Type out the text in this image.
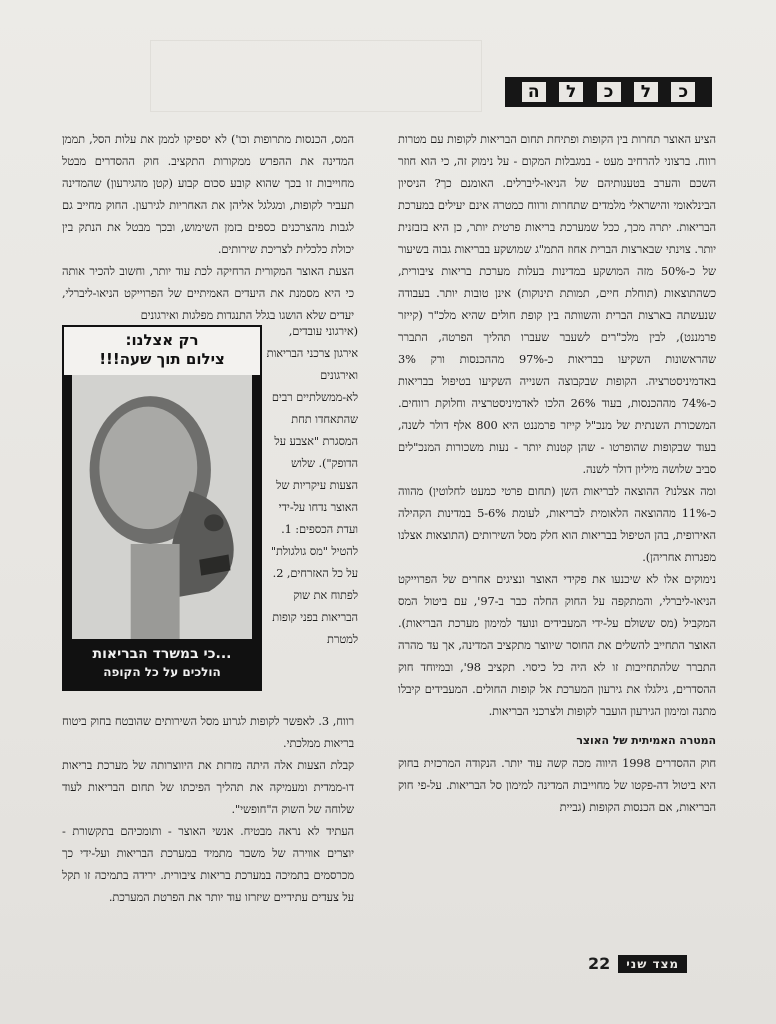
כ
ל
כ
ל
ה

הציע האוצר תחרות בין הקופות ופתיחת תחום הבריאות לקופות עם מטרות רווח. ברצוני להרחיב מעט - במגבלות המקום - על נימוק זה, כי הוא חוזר השכם והערב בטענותיהם של הניאו-ליברלים. האומנם כך? הניסיון הבינלאומי והישראלי מלמדים שתחרות ורווח כמטרה אינם יעילים במערכת הבריאות. יתרה מכך, ככל שמערכת בריאות פרטית יותר, כן היא בזבזנית יותר. צוינתי שבארצות הברית אחוז התמ"ג שמושקע בבריאות גבוה בשיעור של כ-50% מזה המושקע במדינות בעלות מערכת בריאות ציבורית, כשהתוצאות (תוחלת חיים, תמותת תינוקות) אינן טובות יותר. בעבודה שנעשתה בארצות הברית והשוותה בין קופת חולים שהיא מלכ"ר (קייזר פרמננט), לבין מלכ"רים לשעבר שעברו תהליך הפרטה, התברר שהראשונות השקיעו בבריאות כ-97% מההכנסות ורק 3% באדמיניסטרציה. הקופות שבקבוצה השנייה השקיעו בטיפול בבריאות כ-74% מההכנסות, בעוד 26% הלכו לאדמיניסטרציה וחלוקת רווחים. המשכורת השנתית של מנכ"ל קייזר פרמננט היא 800 אלף דולר לשנה, בעוד שבקופות שהופרטו - שהן קטנות יותר - נעות משכורות המנכ"לים סביב שלושה מיליון דולר לשנה.

ומה אצלנו? ההוצאה לבריאות השן (תחום פרטי כמעט לחלוטין) מהווה כ-11% מההוצאה הלאומית לבריאות, לעומת 5-6% במדינות הקהילה האירופית, בהן הטיפול בבריאות הוא חלק מסל השירותים (התוצאות אצלנו מפגרות אחריהן).

נימוקים אלו לא שיכנעו את פקידי האוצר ונציגים אחרים של הפרוייקט הניאו-ליברלי, והמתקפה על החוק החלה כבר ב-97', עם ביטול המס המקביל (מס ששולם על-ידי המעבידים ונועד למימון מערכת הבריאות). האוצר התחייב להשלים את החוסר שיווצר מתקציב המדינה, אך עד מהרה התברר שלהתחייבות זו לא היה כל כיסוי. תקציב 98', ובמיוחד חוק ההסדרים, גילגלו את גירעון המערכת אל קופות החולים. המעבידים קיבלו מתנה ומימון הגירעון הועבר לקופות ולצרכני הבריאות.

המטרה האמיתית של האוצר

חוק ההסדרים 1998 היווה מכה קשה עוד יותר. הנקודה המרכזית בחוק היא ביטול דה-פקטו של מחוייבות המדינה למימון סל הבריאות. על-פי חוק הבריאות, אם הכנסות הקופות (גביית

המס, הכנסות מתרופות וכו') לא יספיקו לממן את עלות הסל, תממן המדינה את ההפרש ממקורות התקציב. חוק ההסדרים מבטל מחוייבות זו בכך שהוא קובע סכום קבוע (קטן מהגירעון) שהמדינה תעביר לקופות, ומגלגל אליהן את האחריות לגירעון. החוק מחייב גם לגבות מהצרכנים כספים בזמן השימוש, ובכך מבטל את הנתק בין יכולת כלכלית לצריכת שירותים.

הצעת האוצר המקורית הרחיקה לכת עוד יותר, וחשוב להכיר אותה כי היא מסמנת את היעדים האמיתיים של הפרוייקט הניאו-ליברלי, יעדים שלא הושגו בגלל התנגדות מפלגות ואירגונים

(אירגוני עובדים, אירגון צרכני הבריאות ואירגונים לא-ממשלתיים רבים שהתאחדו תחת המסגרת "אצבע על הדופק"). שלוש הצעות עיקריות של האוצר נדחו על-ידי ועדת הכספים: 1. להטיל "מס גולגולת" על כל האזרחים, 2. לפתוח את שוק הבריאות בפני קופות למטרת

רק אצלנו:
צילום תוך שעה!!!
...כי במשרד הבריאות
הולכים על כל הקופה

רווח, 3. לאפשר לקופות לגרוע מסל השירותים שהובטח בחוק ביטוח בריאות ממלכתי.

קבלת הצעות אלה היתה מזרזת את היווצרותה של מערכת בריאות דו-ממדית ומעמיקה את תהליך הפיכתו של תחום הבריאות לעוד שלוחה של השוק ה"חופשי".

העתיד לא נראה מבטיח. אנשי האוצר - ותומכיהם בתקשורת - יוצרים אווירה של משבר מתמיד במערכת הבריאות ועל-ידי כך מכרסמים בתמיכה במערכת בריאות ציבורית. ירידה בתמיכה זו תקל על צעדים עתידיים שיזרזו עוד יותר את הפרטת המערכת.

מצד שני
22
